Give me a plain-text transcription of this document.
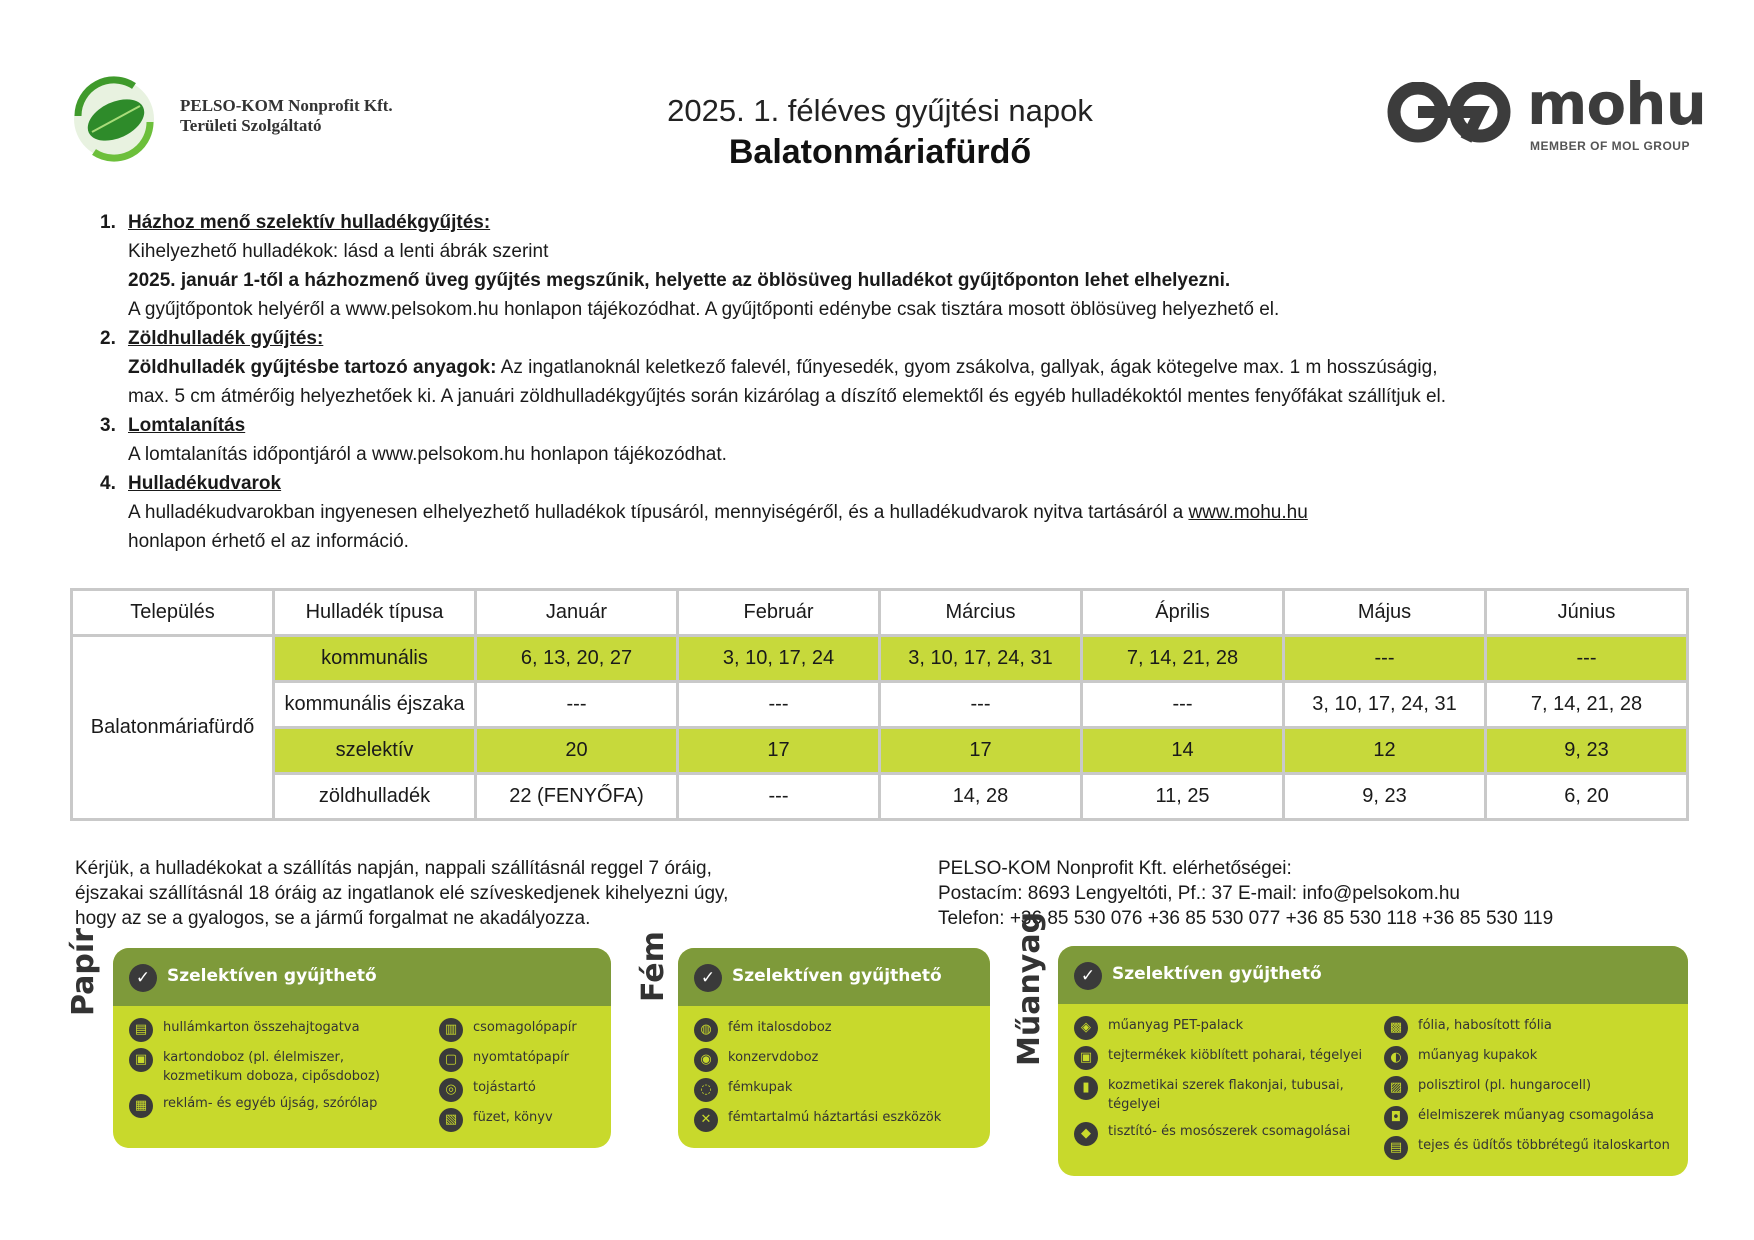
PELSO-KOM Nonprofit Kft.
Területi Szolgáltató	2025. 1. féléves gyűjtési napok
Balatonmáriafürdő
mohu
MEMBER OF MOL GROUP
1. Házhoz menő szelektív hulladékgyűjtés:
Kihelyezhető hulladékok: lásd a lenti ábrák szerint
2025. január 1-től a házhozmenő üveg gyűjtés megszűnik, helyette az öblösüveg hulladékot gyűjtőponton lehet elhelyezni.
A gyűjtőpontok helyéről a www.pelsokom.hu honlapon tájékozódhat. A gyűjtőponti edénybe csak tisztára mosott öblösüveg helyezhető el.
2. Zöldhulladék gyűjtés:
Zöldhulladék gyűjtésbe tartozó anyagok: Az ingatlanoknál keletkező falevél, fűnyesedék, gyom zsákolva, gallyak, ágak kötegelve max. 1 m hosszúságig,
max. 5 cm átmérőig helyezhetőek ki. A januári zöldhulladékgyűjtés során kizárólag a díszítő elemektől és egyéb hulladékoktól mentes fenyőfákat szállítjuk el.
3. Lomtalanítás
A lomtalanítás időpontjáról a www.pelsokom.hu honlapon tájékozódhat.
4. Hulladékudvarok
A hulladékudvarokban ingyenesen elhelyezhető hulladékok típusáról, mennyiségéről, és a hulladékudvarok nyitva tartásáról a www.mohu.hu
honlapon érhető el az információ.
Település	Hulladék típusa	Január	Február	Március	Április	Május	Június
Balatonmáriafürdő	kommunális	6, 13, 20, 27	3, 10, 17, 24	3, 10, 17, 24, 31	7, 14, 21, 28	---	---
	kommunális éjszaka	---	---	---	---	3, 10, 17, 24, 31	7, 14, 21, 28
	szelektív	20	17	17	14	12	9, 23
	zöldhulladék	22 (FENYŐFA)	---	14, 28	11, 25	9, 23	6, 20
Kérjük, a hulladékokat a szállítás napján, nappali szállításnál reggel 7 óráig,
éjszakai szállításnál 18 óráig az ingatlanok elé szíveskedjenek kihelyezni úgy,
hogy az se a gyalogos, se a jármű forgalmat ne akadályozza.
PELSO-KOM Nonprofit Kft. elérhetőségei:
Postacím: 8693 Lengyeltóti, Pf.: 37 E-mail: info@pelsokom.hu
Telefon: +36 85 530 076 +36 85 530 077 +36 85 530 118 +36 85 530 119
Papír	✓ Szelektíven gyűjthető
▤	hullámkarton összehajtogatva
▣	kartondoboz (pl. élelmiszer, kozmetikum doboza, cipősdoboz)
▦	reklám- és egyéb újság, szórólap
▥	csomagolópapír
▢	nyomtatópapír
◎	tojástartó
▧	füzet, könyv
Fém	✓ Szelektíven gyűjthető
◍	fém italosdoboz
◉	konzervdoboz
◌	fémkupak
✕	fémtartalmú háztartási eszközök
Műanyag	✓ Szelektíven gyűjthető
◈	műanyag PET-palack
▣	tejtermékek kiöblített poharai, tégelyei
▮	kozmetikai szerek flakonjai, tubusai, tégelyei
◆	tisztító- és mosószerek csomagolásai
▩	fólia, habosított fólia
◐	műanyag kupakok
▨	polisztirol (pl. hungarocell)
◘	élelmiszerek műanyag csomagolása
▤	tejes és üdítős többrétegű italoskarton
